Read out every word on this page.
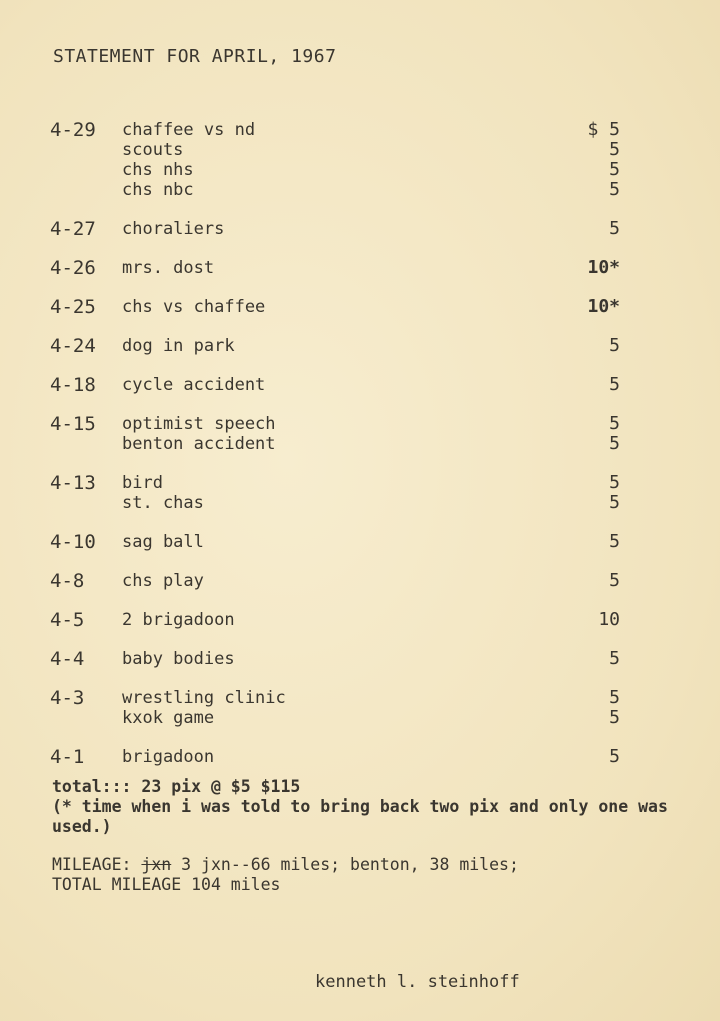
STATEMENT FOR APRIL, 1967
4-29	chaffee vs nd	$ 5
scouts	5
chs nhs	5
chs nbc	5
4-27	choraliers	5
4-26	mrs. dost	10*
4-25	chs vs chaffee	10*
4-24	dog in park	5
4-18	cycle accident	5
4-15	optimist speech	5
benton accident	5
4-13	bird	5
st. chas	5
4-10	sag ball	5
4-8	chs play	5
4-5	2 brigadoon	10
4-4	baby bodies	5
4-3	wrestling clinic	5
kxok game	5
4-1	brigadoon	5
total::: 23 pix @ $5 $115
(* time when i was told to bring back two pix and only one was used.)
MILEAGE: jxn 3 jxn--66 miles; benton, 38 miles;
TOTAL MILEAGE 104 miles
kenneth l. steinhoff
